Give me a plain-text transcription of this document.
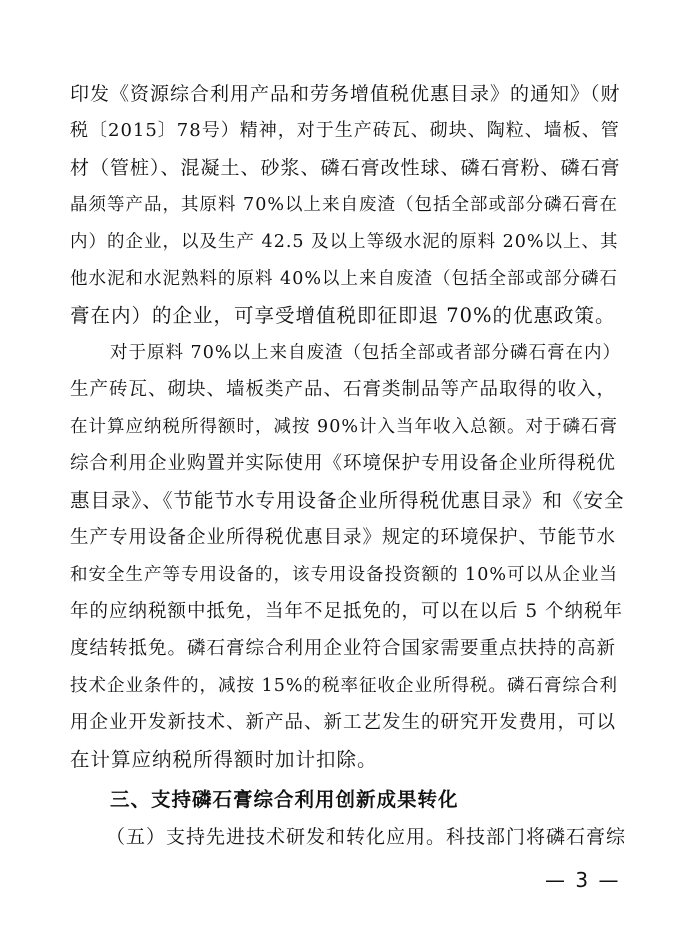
印发《资源综合利用产品和劳务增值税优惠目录》的通知》（财
税〔2015〕78号）精神，对于生产砖瓦、砌块、陶粒、墙板、管
材（管桩）、混凝土、砂浆、磷石膏改性球、磷石膏粉、磷石膏
晶须等产品，其原料 70%以上来自废渣（包括全部或部分磷石膏在
内）的企业，以及生产 42.5 及以上等级水泥的原料 20%以上、其
他水泥和水泥熟料的原料 40%以上来自废渣（包括全部或部分磷石
膏在内）的企业，可享受增值税即征即退 70%的优惠政策。
对于原料 70%以上来自废渣（包括全部或者部分磷石膏在内）
生产砖瓦、砌块、墙板类产品、石膏类制品等产品取得的收入，
在计算应纳税所得额时，减按 90%计入当年收入总额。对于磷石膏
综合利用企业购置并实际使用《环境保护专用设备企业所得税优
惠目录》、《节能节水专用设备企业所得税优惠目录》和《安全
生产专用设备企业所得税优惠目录》规定的环境保护、节能节水
和安全生产等专用设备的，该专用设备投资额的 10%可以从企业当
年的应纳税额中抵免，当年不足抵免的，可以在以后 5 个纳税年
度结转抵免。磷石膏综合利用企业符合国家需要重点扶持的高新
技术企业条件的，减按 15%的税率征收企业所得税。磷石膏综合利
用企业开发新技术、新产品、新工艺发生的研究开发费用，可以
在计算应纳税所得额时加计扣除。
三、支持磷石膏综合利用创新成果转化
（五）支持先进技术研发和转化应用。科技部门将磷石膏综
— 3 —
